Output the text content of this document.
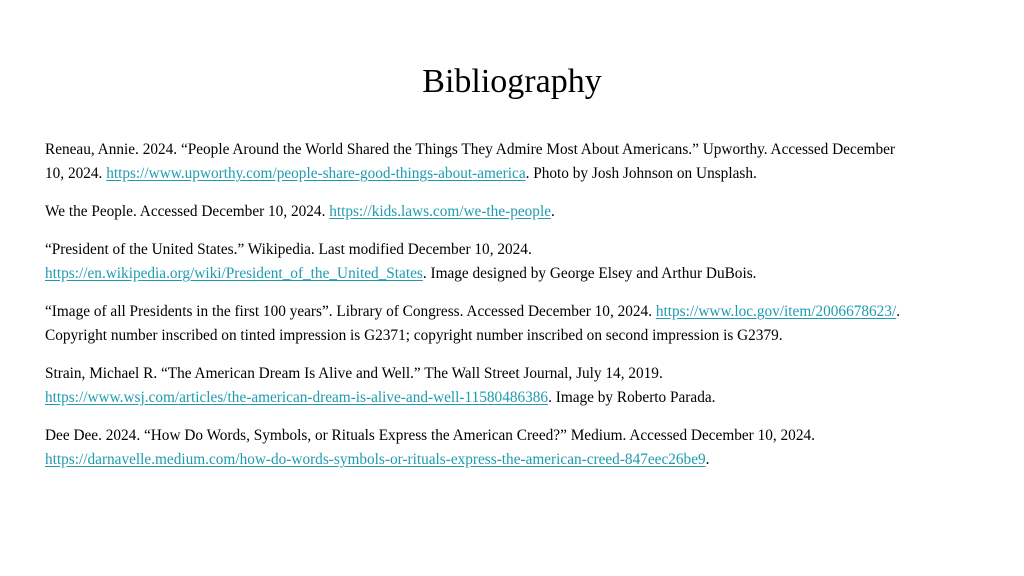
Bibliography

Reneau, Annie. 2024. “People Around the World Shared the Things They Admire Most About Americans.” Upworthy. Accessed December
10, 2024. https://www.upworthy.com/people-share-good-things-about-america. Photo by Josh Johnson on Unsplash.

We the People. Accessed December 10, 2024. https://kids.laws.com/we-the-people.

“President of the United States.” Wikipedia. Last modified December 10, 2024.
https://en.wikipedia.org/wiki/President_of_the_United_States. Image designed by George Elsey and Arthur DuBois.

“Image of all Presidents in the first 100 years”. Library of Congress. Accessed December 10, 2024. https://www.loc.gov/item/2006678623/.
Copyright number inscribed on tinted impression is G2371; copyright number inscribed on second impression is G2379.

Strain, Michael R. “The American Dream Is Alive and Well.” The Wall Street Journal, July 14, 2019.
https://www.wsj.com/articles/the-american-dream-is-alive-and-well-11580486386. Image by Roberto Parada.

Dee Dee. 2024. “How Do Words, Symbols, or Rituals Express the American Creed?” Medium. Accessed December 10, 2024.
https://darnavelle.medium.com/how-do-words-symbols-or-rituals-express-the-american-creed-847eec26be9.
